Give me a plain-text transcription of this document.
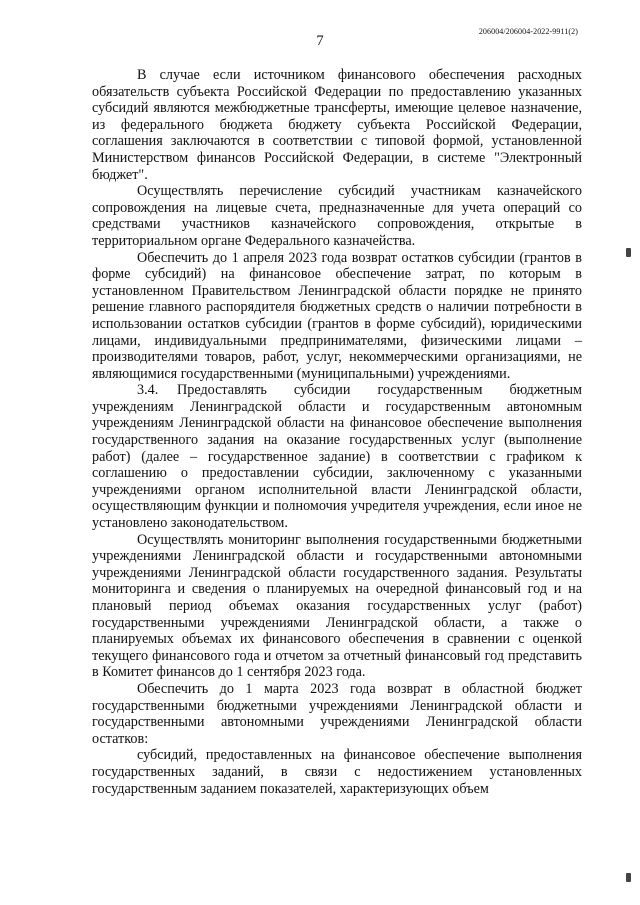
206004/206004-2022-9911(2)
7

В случае если источником финансового обеспечения расходных обязательств субъекта Российской Федерации по предоставлению указанных субсидий являются межбюджетные трансферты, имеющие целевое назначение, из федерального бюджета бюджету субъекта Российской Федерации, соглашения заключаются в соответствии с типовой формой, установленной Министерством финансов Российской Федерации, в системе "Электронный бюджет".

Осуществлять перечисление субсидий участникам казначейского сопровождения на лицевые счета, предназначенные для учета операций со средствами участников казначейского сопровождения, открытые в территориальном органе Федерального казначейства.

Обеспечить до 1 апреля 2023 года возврат остатков субсидии (грантов в форме субсидий) на финансовое обеспечение затрат, по которым в установленном Правительством Ленинградской области порядке не принято решение главного распорядителя бюджетных средств о наличии потребности в использовании остатков субсидии (грантов в форме субсидий), юридическими лицами, индивидуальными предпринимателями, физическими лицами – производителями товаров, работ, услуг, некоммерческими организациями, не являющимися государственными (муниципальными) учреждениями.

3.4. Предоставлять субсидии государственным бюджетным учреждениям Ленинградской области и государственным автономным учреждениям Ленинградской области на финансовое обеспечение выполнения государственного задания на оказание государственных услуг (выполнение работ) (далее – государственное задание) в соответствии с графиком к соглашению о предоставлении субсидии, заключенному с указанными учреждениями органом исполнительной власти Ленинградской области, осуществляющим функции и полномочия учредителя учреждения, если иное не установлено законодательством.

Осуществлять мониторинг выполнения государственными бюджетными учреждениями Ленинградской области и государственными автономными учреждениями Ленинградской области государственного задания. Результаты мониторинга и сведения о планируемых на очередной финансовый год и на плановый период объемах оказания государственных услуг (работ) государственными учреждениями Ленинградской области, а также о планируемых объемах их финансового обеспечения в сравнении с оценкой текущего финансового года и отчетом за отчетный финансовый год представить в Комитет финансов до 1 сентября 2023 года.

Обеспечить до 1 марта 2023 года возврат в областной бюджет государственными бюджетными учреждениями Ленинградской области и государственными автономными учреждениями Ленинградской области остатков:

субсидий, предоставленных на финансовое обеспечение выполнения государственных заданий, в связи с недостижением установленных государственным заданием показателей, характеризующих объем
